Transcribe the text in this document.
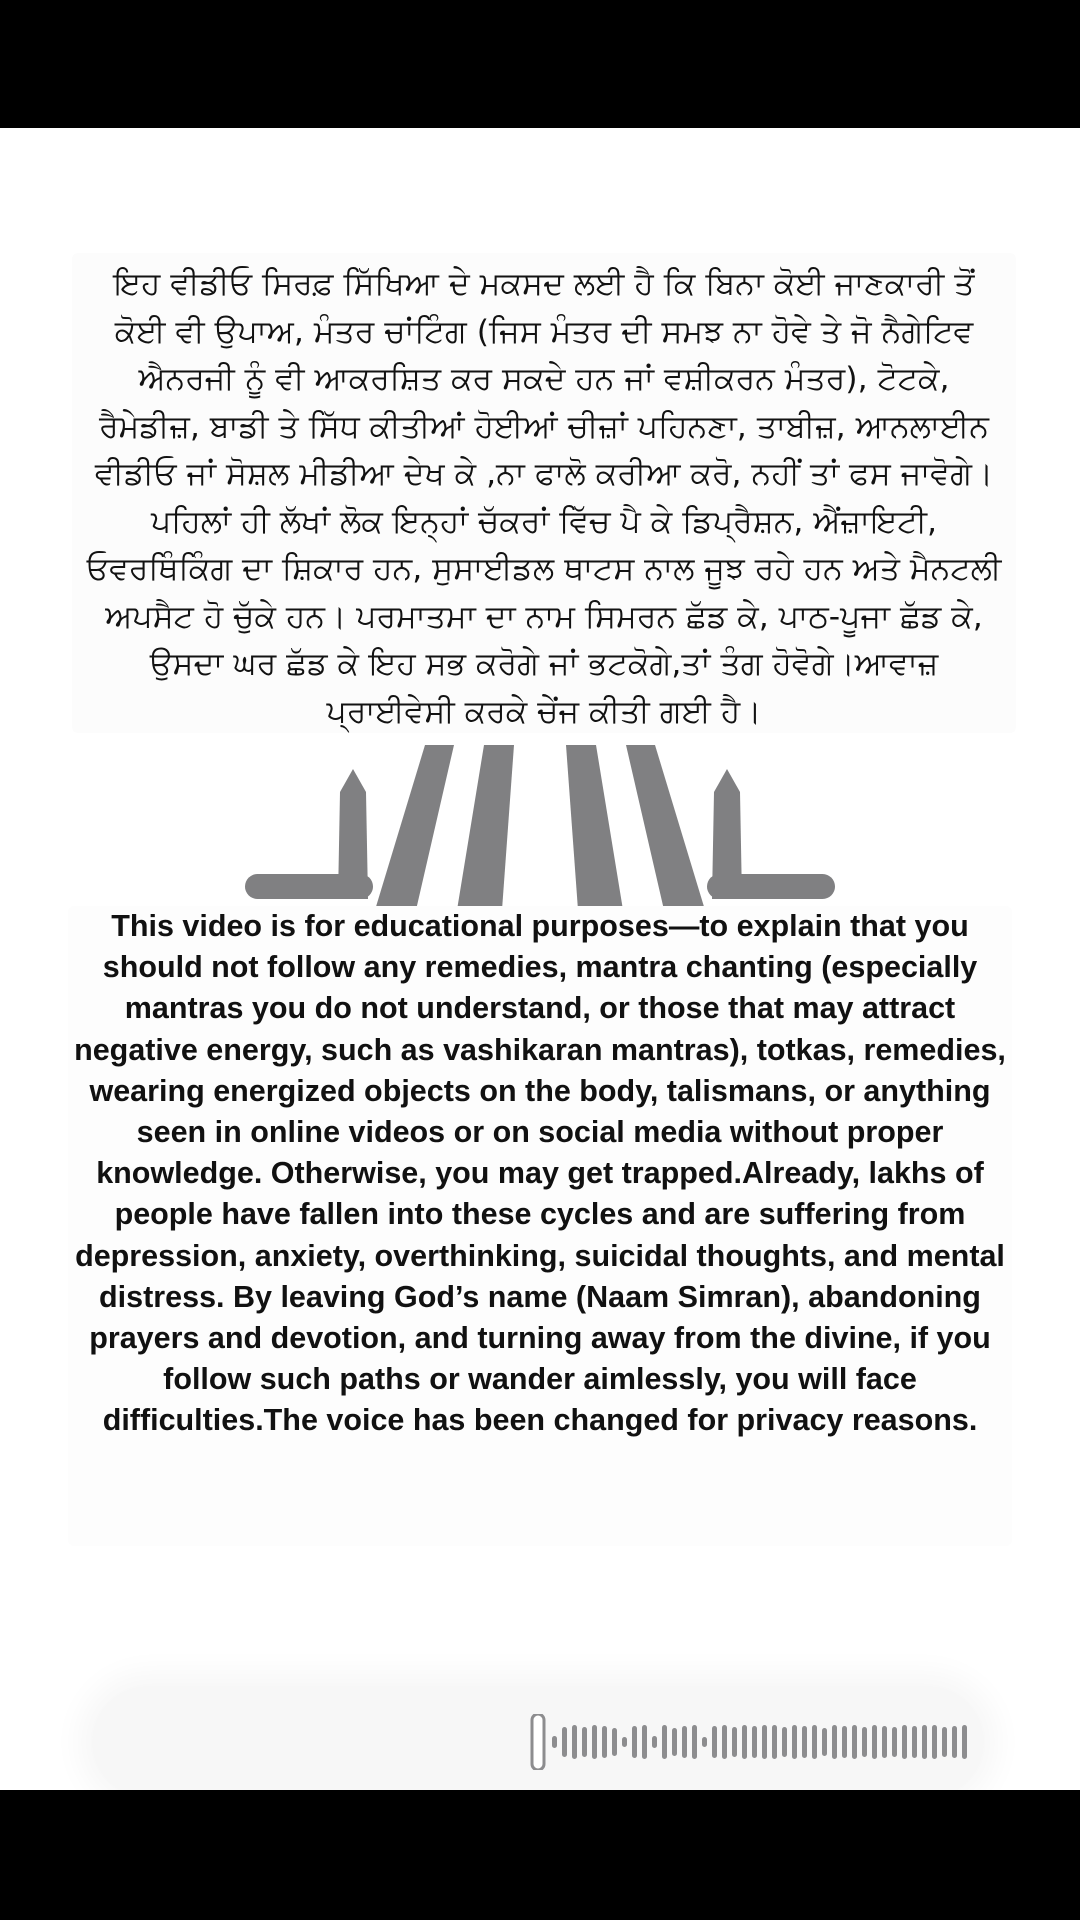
ਇਹ ਵੀਡੀਓ ਸਿਰਫ਼ ਸਿੱਖਿਆ ਦੇ ਮਕਸਦ ਲਈ ਹੈ ਕਿ ਬਿਨਾ ਕੋਈ ਜਾਣਕਾਰੀ ਤੋਂ ਕੋਈ ਵੀ ਉਪਾਅ, ਮੰਤਰ ਚਾਂਟਿੰਗ (ਜਿਸ ਮੰਤਰ ਦੀ ਸਮਝ ਨਾ ਹੋਵੇ ਤੇ ਜੋ ਨੈਗੇਟਿਵ ਐਨਰਜੀ ਨੂੰ ਵੀ ਆਕਰਸ਼ਿਤ ਕਰ ਸਕਦੇ ਹਨ ਜਾਂ ਵਸ਼ੀਕਰਨ ਮੰਤਰ), ਟੋਟਕੇ, ਰੈਮੇਡੀਜ਼, ਬਾਡੀ ਤੇ ਸਿੱਧ ਕੀਤੀਆਂ ਹੋਈਆਂ ਚੀਜ਼ਾਂ ਪਹਿਨਣਾ, ਤਾਬੀਜ਼, ਆਨਲਾਈਨ ਵੀਡੀਓ ਜਾਂ ਸੋਸ਼ਲ ਮੀਡੀਆ ਦੇਖ ਕੇ ,ਨਾ ਫਾਲੋ ਕਰੀਆ ਕਰੋ, ਨਹੀਂ ਤਾਂ ਫਸ ਜਾਵੋਗੇ। ਪਹਿਲਾਂ ਹੀ ਲੱਖਾਂ ਲੋਕ ਇਨ੍ਹਾਂ ਚੱਕਰਾਂ ਵਿੱਚ ਪੈ ਕੇ ਡਿਪ੍ਰੈਸ਼ਨ, ਐਂਜ਼ਾਇਟੀ, ਓਵਰਥਿੰਕਿੰਗ ਦਾ ਸ਼ਿਕਾਰ ਹਨ, ਸੁਸਾਈਡਲ ਥਾਟਸ ਨਾਲ ਜੂਝ ਰਹੇ ਹਨ ਅਤੇ ਮੈਨਟਲੀ ਅਪਸੈਟ ਹੋ ਚੁੱਕੇ ਹਨ। ਪਰਮਾਤਮਾ ਦਾ ਨਾਮ ਸਿਮਰਨ ਛੱਡ ਕੇ, ਪਾਠ-ਪੂਜਾ ਛੱਡ ਕੇ, ਉਸਦਾ ਘਰ ਛੱਡ ਕੇ ਇਹ ਸਭ ਕਰੋਗੇ ਜਾਂ ਭਟਕੋਗੇ,ਤਾਂ ਤੰਗ ਹੋਵੋਗੇ।ਆਵਾਜ਼ ਪ੍ਰਾਈਵੇਸੀ ਕਰਕੇ ਚੇਂਜ ਕੀਤੀ ਗਈ ਹੈ।

This video is for educational purposes—to explain that you should not follow any remedies, mantra chanting (especially mantras you do not understand, or those that may attract negative energy, such as vashikaran mantras), totkas, remedies, wearing energized objects on the body, talismans, or anything seen in online videos or on social media without proper knowledge. Otherwise, you may get trapped.Already, lakhs of people have fallen into these cycles and are suffering from depression, anxiety, overthinking, suicidal thoughts, and mental distress. By leaving God’s name (Naam Simran), abandoning prayers and devotion, and turning away from the divine, if you follow such paths or wander aimlessly, you will face difficulties.The voice has been changed for privacy reasons.
